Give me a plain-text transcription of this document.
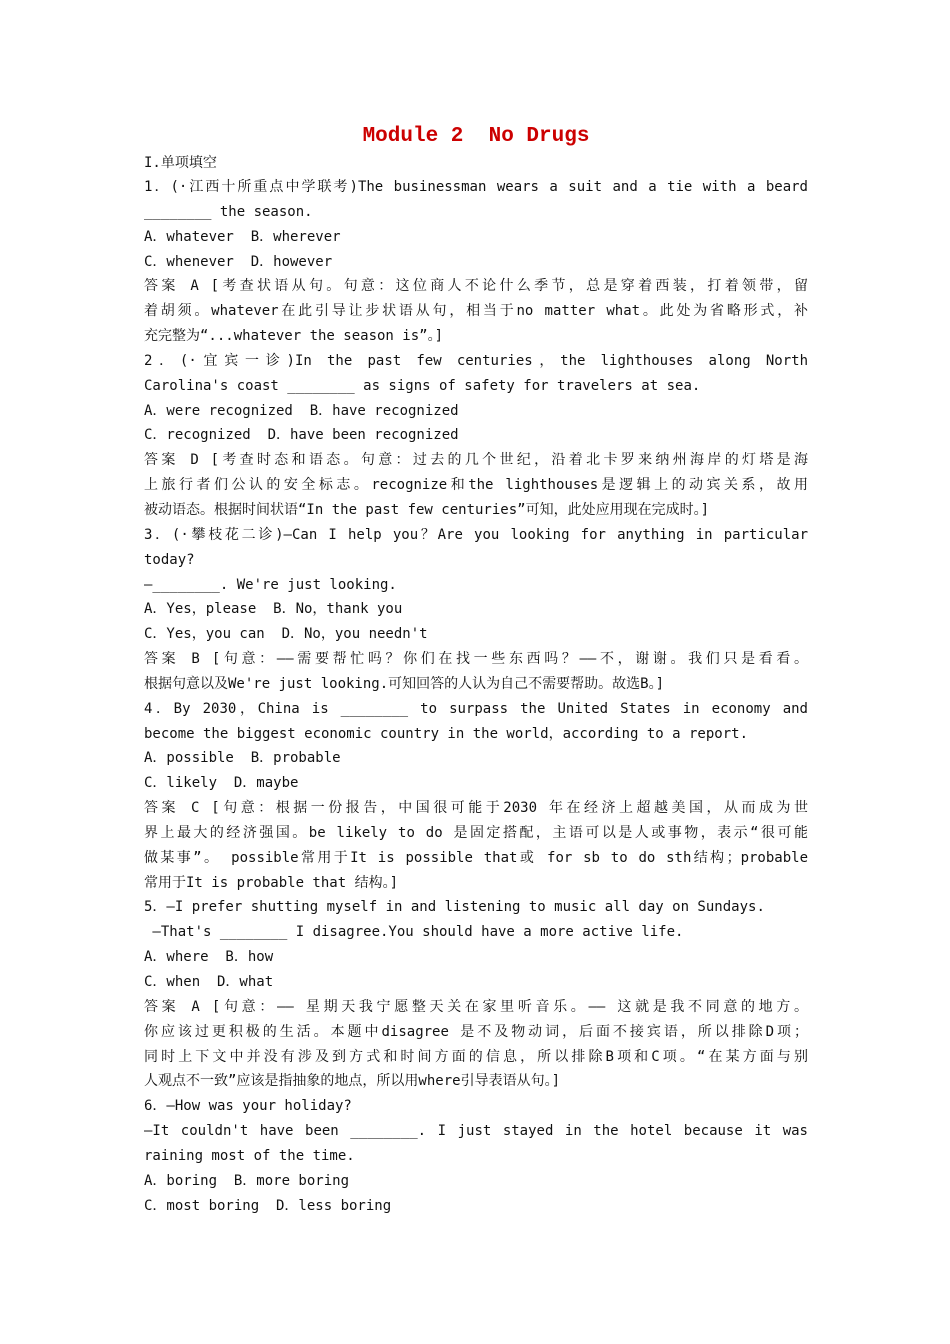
Module 2  No Drugs
I.单项填空
1．(·江西十所重点中学联考)The businessman wears a suit and a tie with a beard
________ the season.
A．whatever  B．wherever
C．whenever  D．however
答案 A [考查状语从句。句意：这位商人不论什么季节，总是穿着西装，打着领带，留
着胡须。whatever在此引导让步状语从句，相当于no matter what。此处为省略形式，补
充完整为“...whatever the season is”。]
2．(·宜宾一诊)In the past few centuries，the lighthouses along North
Carolina's coast ________ as signs of safety for travelers at sea.
A．were recognized  B．have recognized
C．recognized  D．have been recognized
答案 D [考查时态和语态。句意：过去的几个世纪，沿着北卡罗来纳州海岸的灯塔是海
上旅行者们公认的安全标志。recognize和the lighthouses是逻辑上的动宾关系，故用
被动语态。根据时间状语“In the past few centuries”可知，此处应用现在完成时。]
3．(·攀枝花二诊)—Can I help you？Are you looking for anything in particular
today?
—________. We're just looking.
A．Yes，please  B．No，thank you
C．Yes，you can  D．No，you needn't
答案 B [句意：——需要帮忙吗？你们在找一些东西吗？——不，谢谢。我们只是看看。
根据句意以及We're just looking.可知回答的人认为自己不需要帮助。故选B。]
4．By 2030，China is ________ to surpass the United States in economy and
become the biggest economic country in the world，according to a report.
A．possible  B．probable
C．likely  D．maybe
答案 C [句意：根据一份报告，中国很可能于2030 年在经济上超越美国，从而成为世
界上最大的经济强国。be likely to do 是固定搭配，主语可以是人或事物，表示“很可能
做某事”。 possible常用于It is possible that或 for sb to do sth结构；probable
常用于It is probable that 结构。]
5．—I prefer shutting myself in and listening to music all day on Sundays.
—That's ________ I disagree.You should have a more active life.
A．where  B．how
C．when  D．what
答案 A [句意：—— 星期天我宁愿整天关在家里听音乐。—— 这就是我不同意的地方。
你应该过更积极的生活。本题中disagree 是不及物动词，后面不接宾语，所以排除D项；
同时上下文中并没有涉及到方式和时间方面的信息，所以排除B项和C项。“在某方面与别
人观点不一致”应该是指抽象的地点，所以用where引导表语从句。]
6．—How was your holiday?
—It couldn't have been ________. I just stayed in the hotel because it was
raining most of the time.
A．boring  B．more boring
C．most boring  D．less boring
